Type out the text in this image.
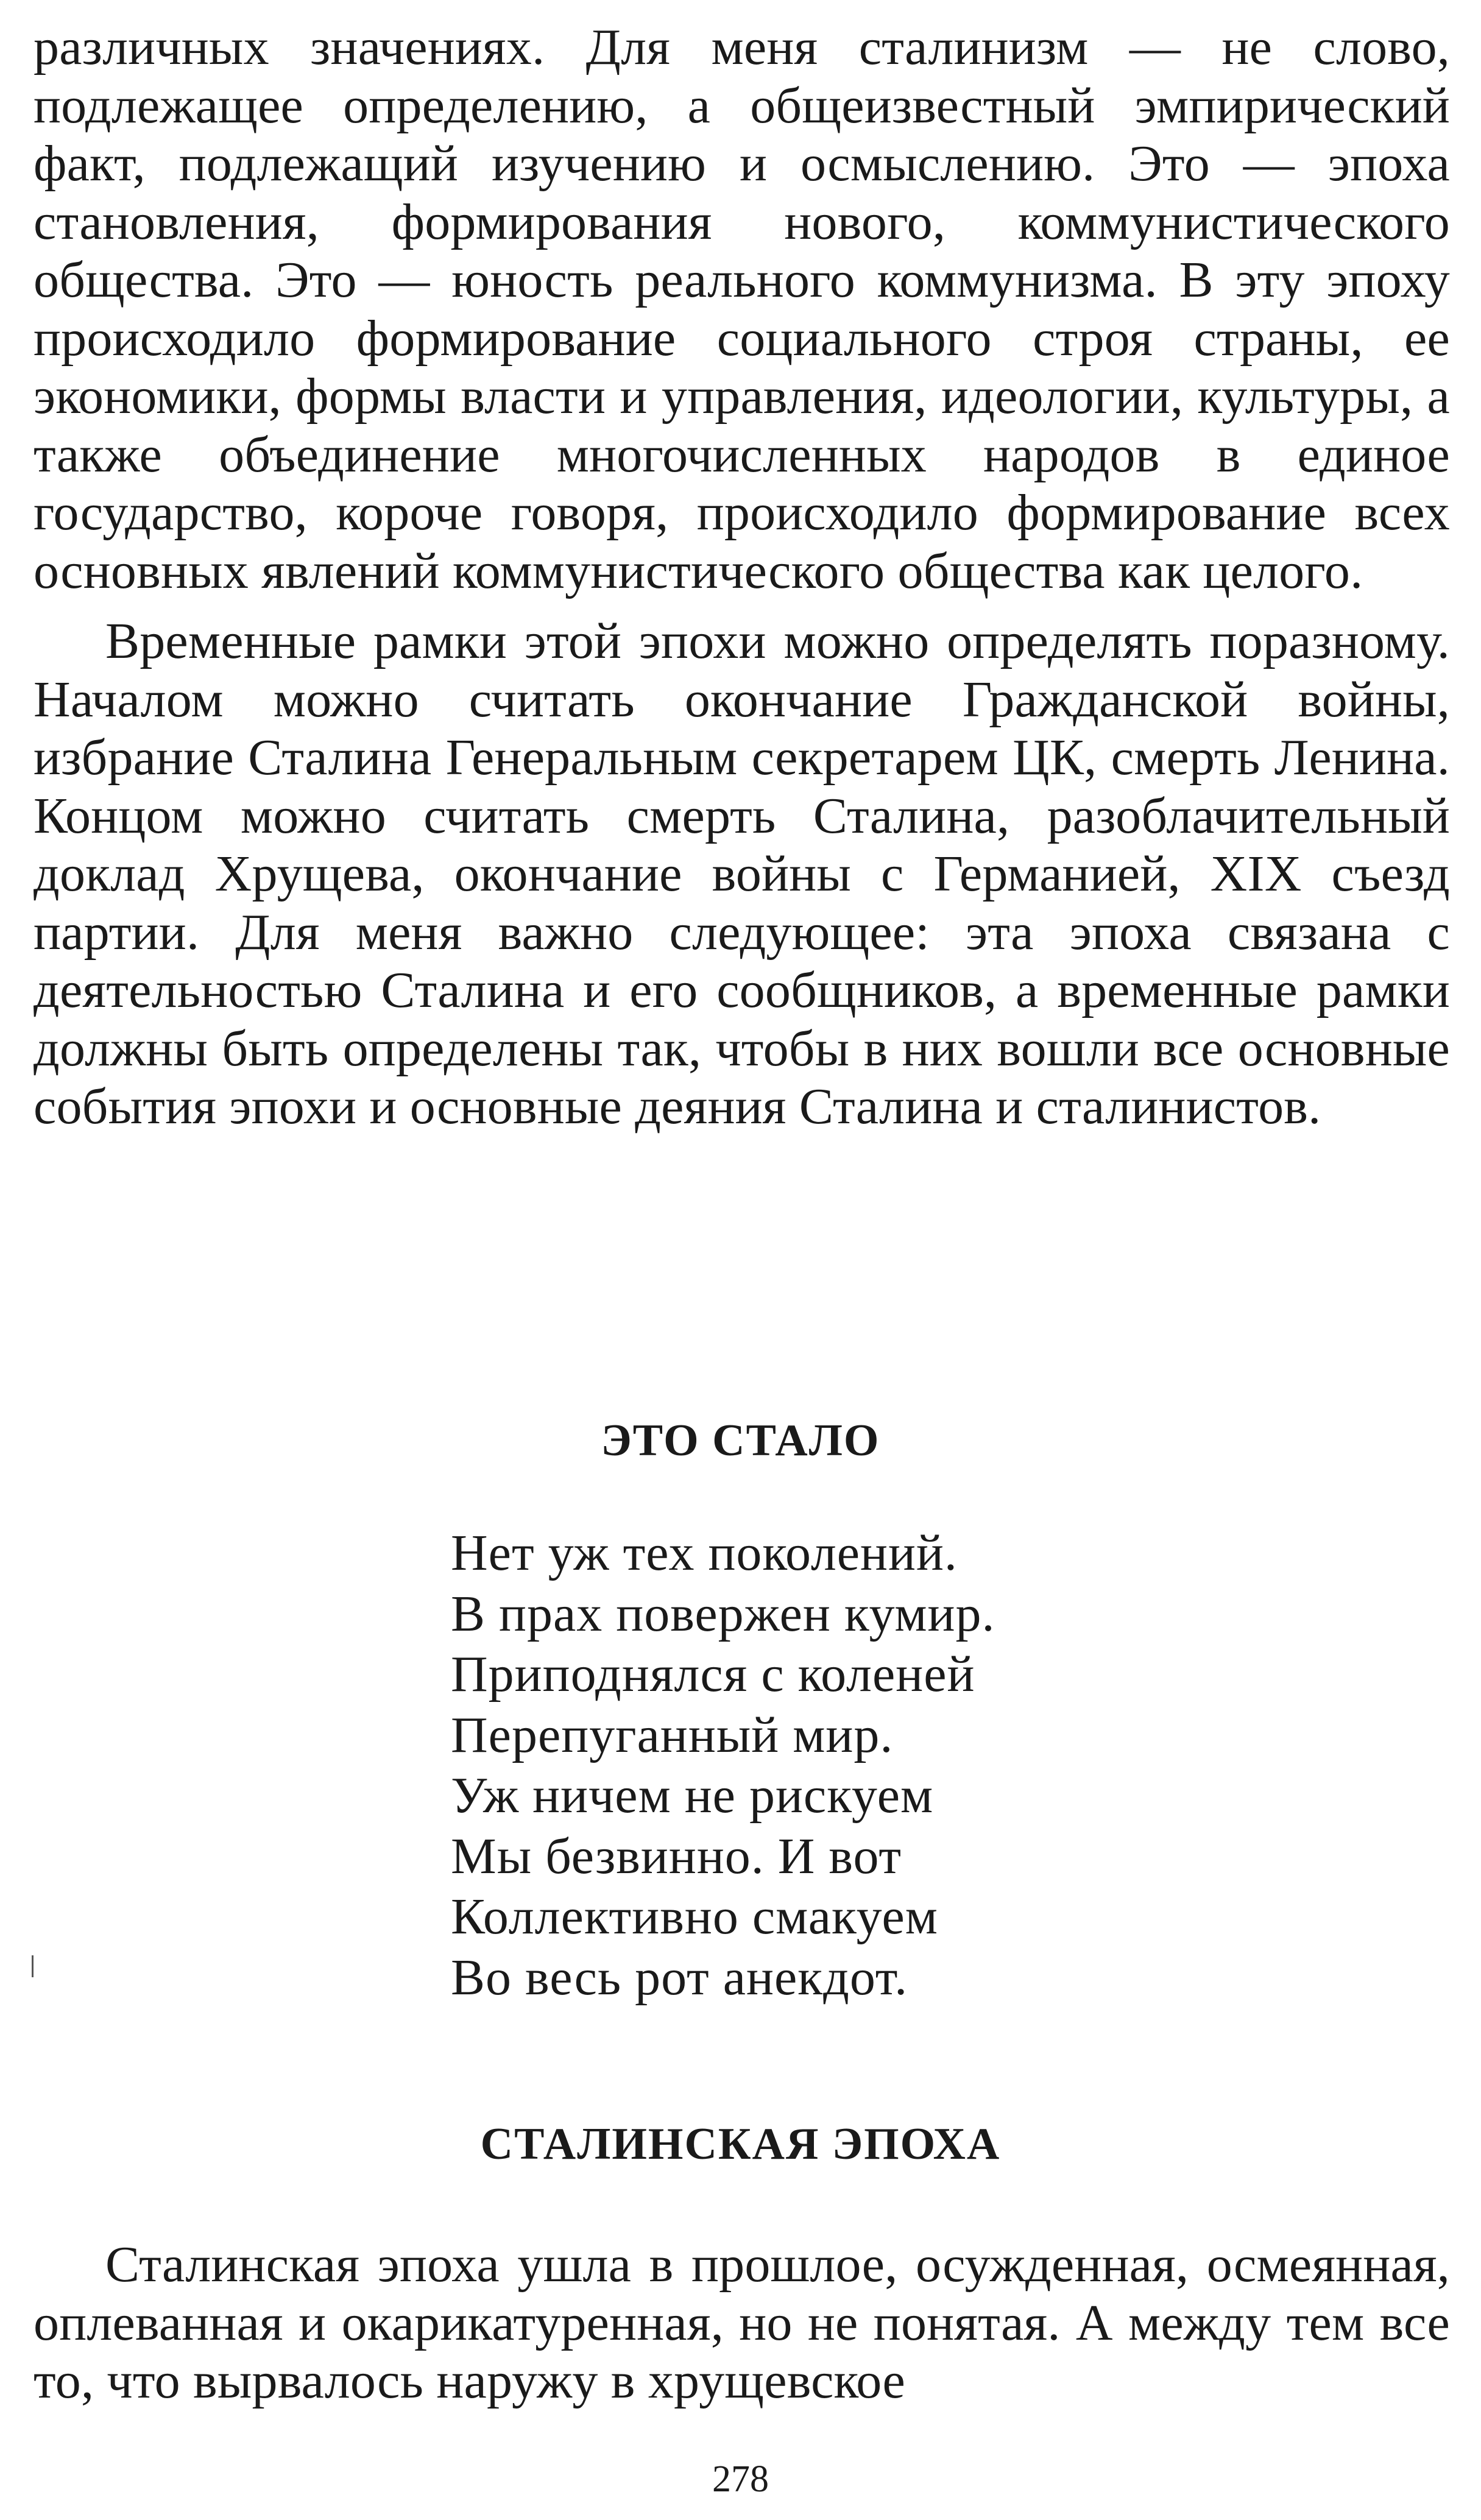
различных значениях. Для меня сталинизм — не слово, подлежащее определению, а общеизвестный эмпирический факт, подлежащий изучению и осмыслению. Это — эпоха становления, формирования нового, коммунистического общества. Это — юность реального коммунизма. В эту эпоху происходило формирование социального строя страны, ее экономики, формы власти и управления, идеологии, культуры, а также объединение многочисленных народов в единое государство, короче говоря, происходило формирование всех основных явлений коммунистического общества как целого.

Временные рамки этой эпохи можно определять поразному. Началом можно считать окончание Гражданской войны, избрание Сталина Генеральным секретарем ЦК, смерть Ленина. Концом можно считать смерть Сталина, разоблачительный доклад Хрущева, окончание войны с Германией, XIX съезд партии. Для меня важно следующее: эта эпоха связана с деятельностью Сталина и его сообщников, а временные рамки должны быть определены так, чтобы в них вошли все основные события эпохи и основные деяния Сталина и сталинистов.

ЭТО СТАЛО
Нет уж тех поколений.
В прах повержен кумир.
Приподнялся с коленей
Перепуганный мир.
Уж ничем не рискуем
Мы безвинно. И вот
Коллективно смакуем
Во весь рот анекдот.
СТАЛИНСКАЯ ЭПОХА

Сталинская эпоха ушла в прошлое, осужденная, осмеянная, оплеванная и окарикатуренная, но не понятая. А между тем все то, что вырвалось наружу в хрущевское

278
